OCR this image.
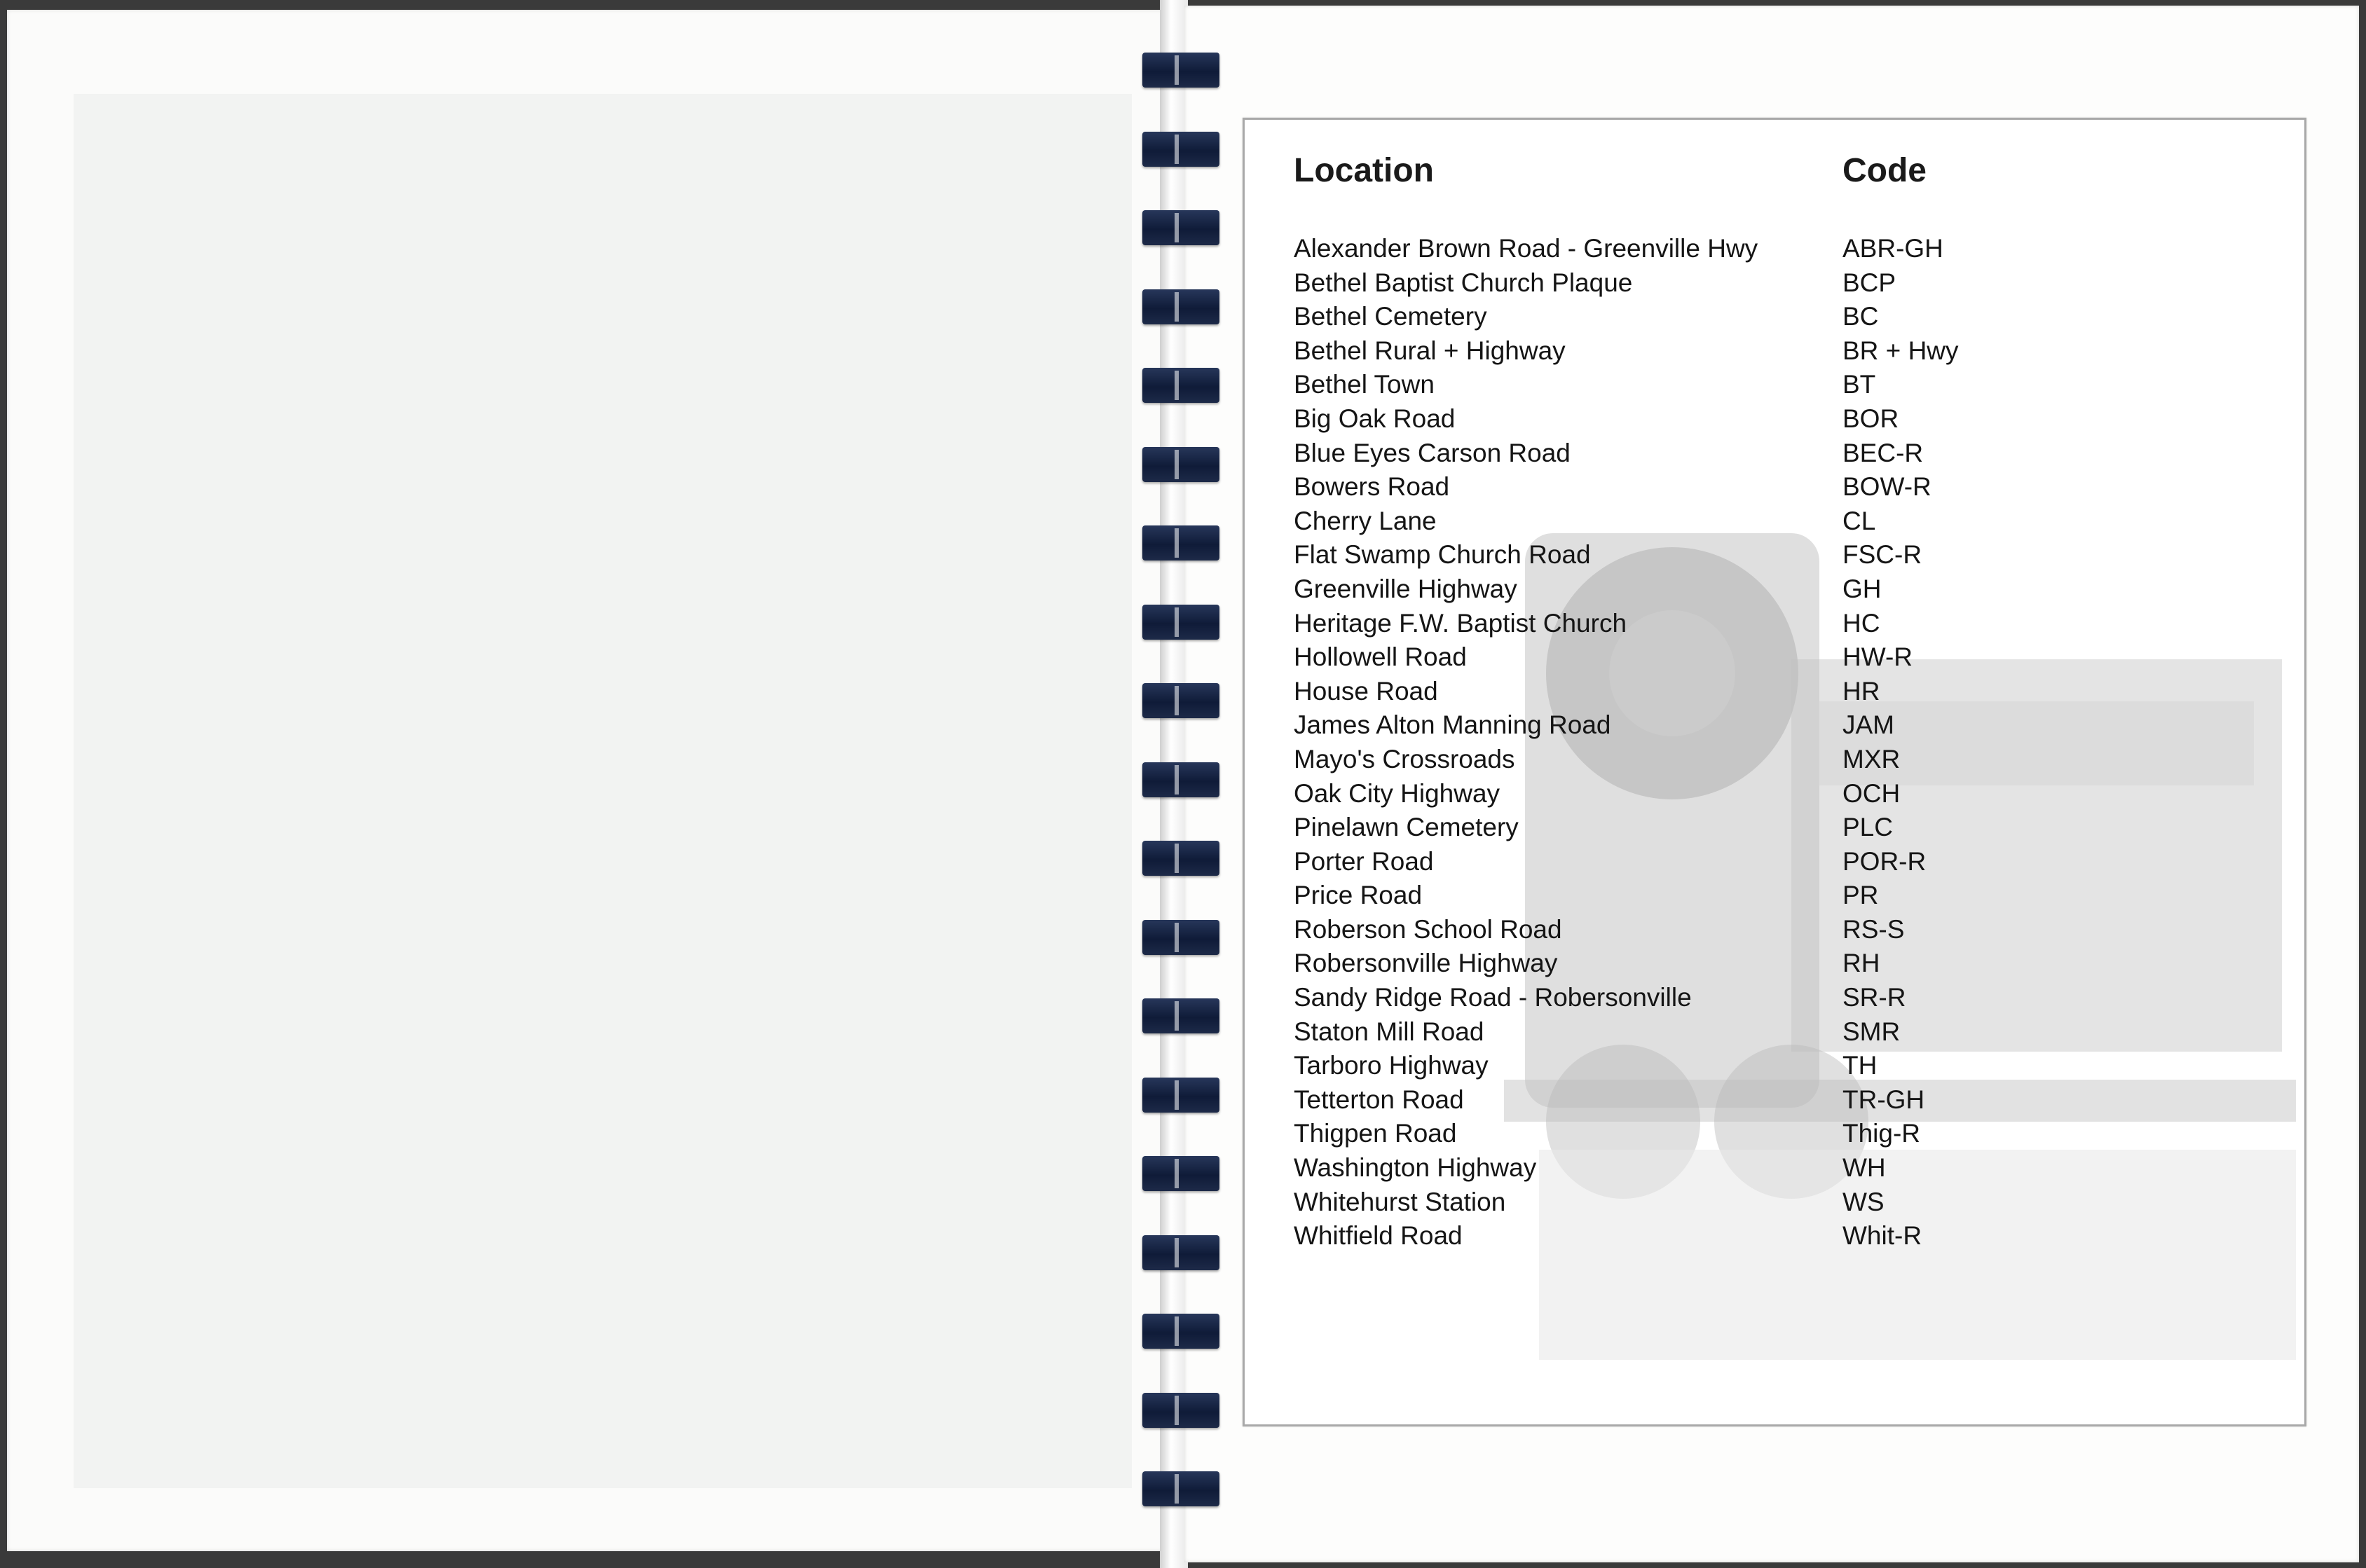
Location	Code
Alexander Brown Road - Greenville Hwy	ABR-GH
Bethel Baptist Church Plaque	BCP
Bethel Cemetery	BC
Bethel Rural + Highway	BR + Hwy
Bethel Town	BT
Big Oak Road	BOR
Blue Eyes Carson Road	BEC-R
Bowers Road	BOW-R
Cherry Lane	CL
Flat Swamp Church Road	FSC-R
Greenville Highway	GH
Heritage F.W. Baptist Church	HC
Hollowell Road	HW-R
House Road	HR
James Alton Manning Road	JAM
Mayo's Crossroads	MXR
Oak City Highway	OCH
Pinelawn Cemetery	PLC
Porter Road	POR-R
Price Road	PR
Roberson School Road	RS-S
Robersonville Highway	RH
Sandy Ridge Road - Robersonville	SR-R
Staton Mill Road	SMR
Tarboro Highway	TH
Tetterton Road	TR-GH
Thigpen Road	Thig-R
Washington Highway	WH
Whitehurst Station	WS
Whitfield Road	Whit-R
